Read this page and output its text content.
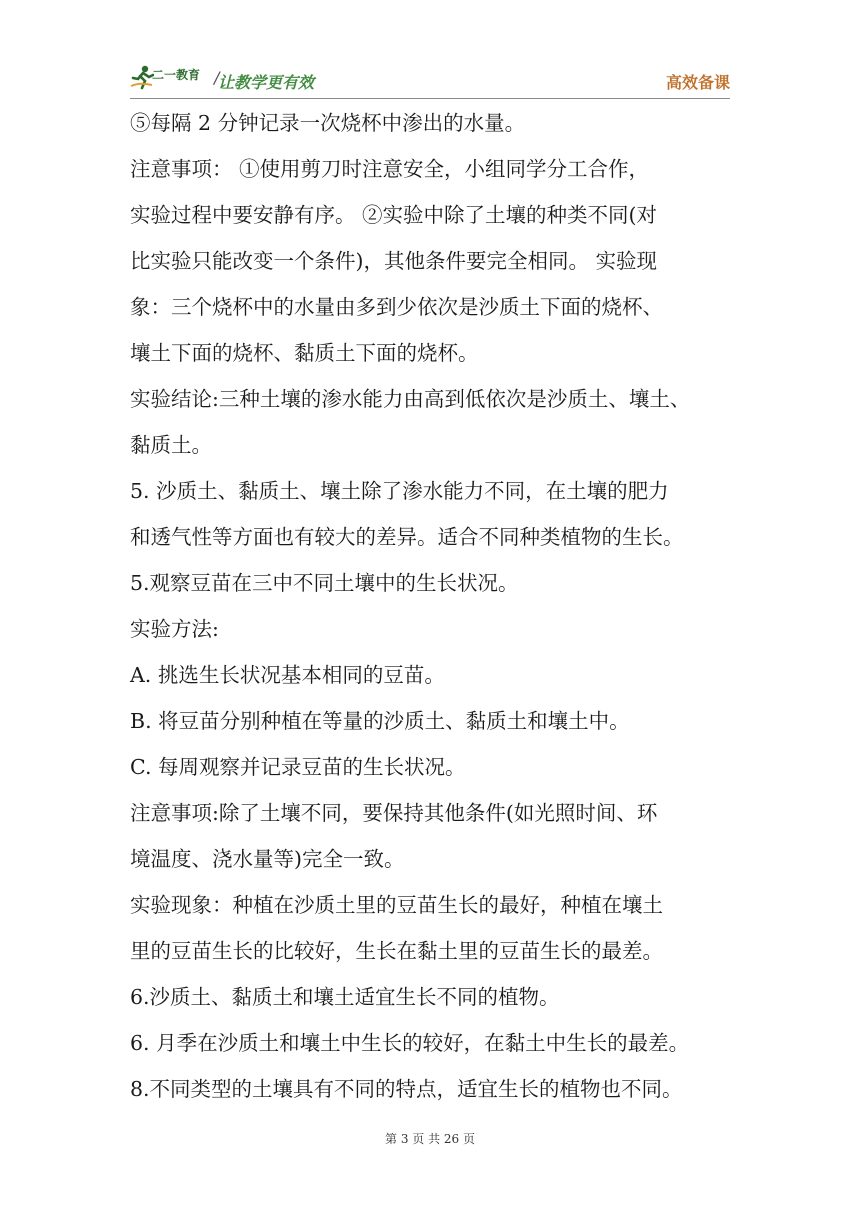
二一教育 /
让教学更有效	高效备课
⑤每隔 2 分钟记录一次烧杯中渗出的水量。
注意事项： ①使用剪刀时注意安全，小组同学分工合作，
实验过程中要安静有序。 ②实验中除了土壤的种类不同(对
比实验只能改变一个条件)，其他条件要完全相同。 实验现
象：三个烧杯中的水量由多到少依次是沙质土下面的烧杯、
壤土下面的烧杯、黏质土下面的烧杯。
实验结论:三种土壤的渗水能力由高到低依次是沙质土、壤土、
黏质土。
5. 沙质土、黏质土、壤土除了渗水能力不同，在土壤的肥力
和透气性等方面也有较大的差异。适合不同种类植物的生长。
5.观察豆苗在三中不同土壤中的生长状况。
实验方法:
A. 挑选生长状况基本相同的豆苗。
B. 将豆苗分别种植在等量的沙质土、黏质土和壤土中。
C. 每周观察并记录豆苗的生长状况。
注意事项:除了土壤不同，要保持其他条件(如光照时间、环
境温度、浇水量等)完全一致。
实验现象：种植在沙质土里的豆苗生长的最好，种植在壤土
里的豆苗生长的比较好，生长在黏土里的豆苗生长的最差。
6.沙质土、黏质土和壤土适宜生长不同的植物。
6. 月季在沙质土和壤土中生长的较好，在黏土中生长的最差。
8.不同类型的土壤具有不同的特点，适宜生长的植物也不同。
第 3 页 共 26 页
